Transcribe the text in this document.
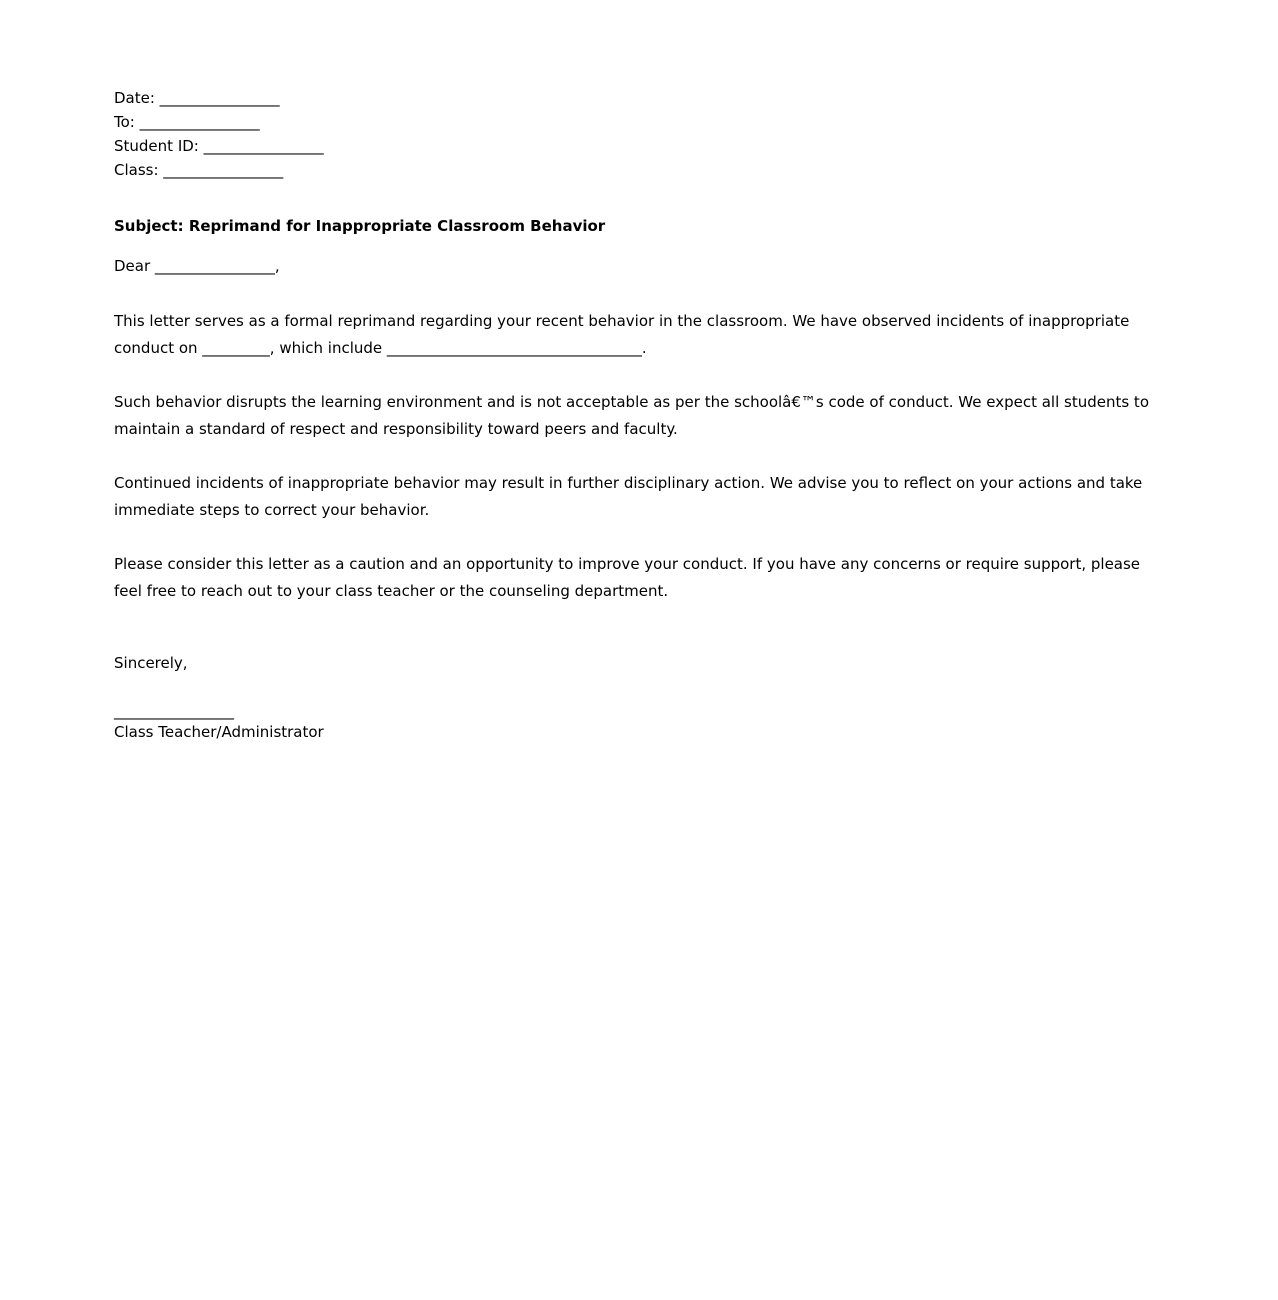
Date: ________________
To: ________________
Student ID: ________________
Class: ________________
Subject: Reprimand for Inappropriate Classroom Behavior
Dear ________________,

This letter serves as a formal reprimand regarding your recent behavior in the classroom. We have observed incidents of inappropriate conduct on _________, which include __________________________________.

Such behavior disrupts the learning environment and is not acceptable as per the schoolâ€™s code of conduct. We expect all students to maintain a standard of respect and responsibility toward peers and faculty.

Continued incidents of inappropriate behavior may result in further disciplinary action. We advise you to reflect on your actions and take immediate steps to correct your behavior.

Please consider this letter as a caution and an opportunity to improve your conduct. If you have any concerns or require support, please feel free to reach out to your class teacher or the counseling department.

Sincerely,
________________
Class Teacher/Administrator
